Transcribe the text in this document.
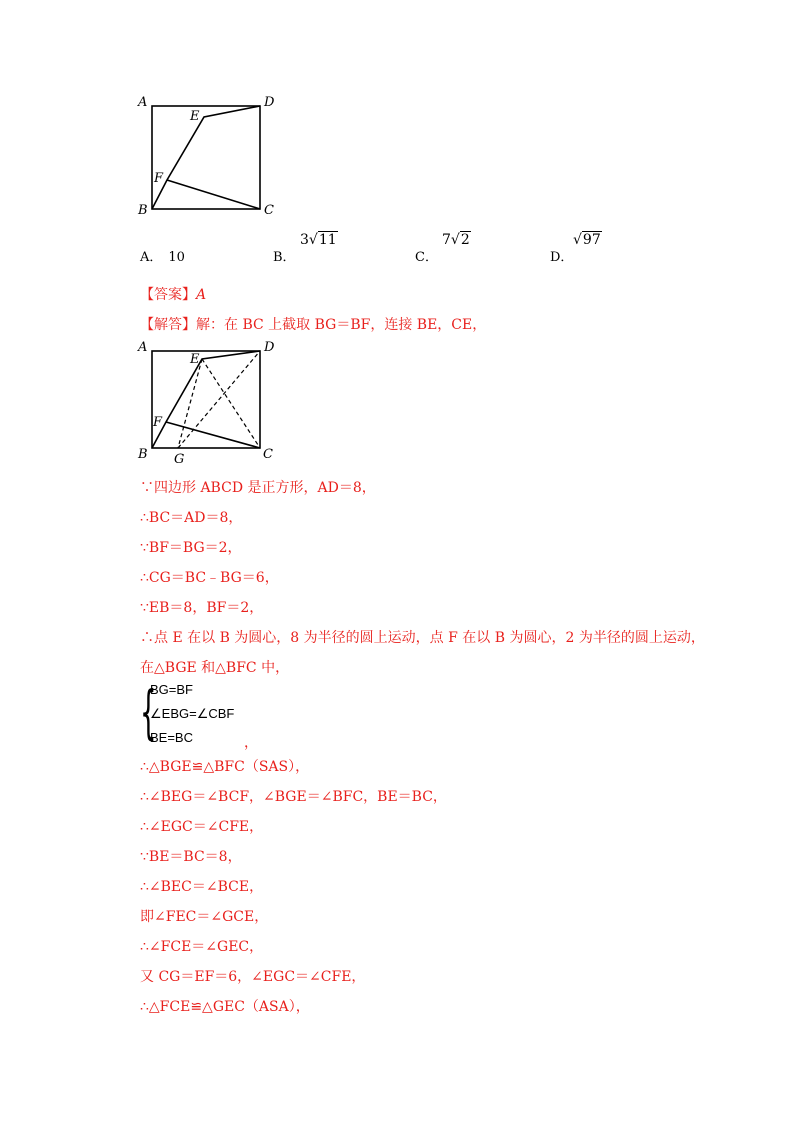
A	D
E
F
B	C
A． 10	B．
3√11
C．
7√2
D．
√97
【答案】A
【解答】解：在 BC 上截取 BG＝BF，连接 BE，CE，
A	D
E
F
B G	C
∵四边形 ABCD 是正方形，AD＝8，
∴BC＝AD＝8，
∵BF＝BG＝2，
∴CG＝BC﹣BG＝6，
∵EB＝8，BF＝2，
∴点 E 在以 B 为圆心，8 为半径的圆上运动，点 F 在以 B 为圆心，2 为半径的圆上运动，
在△BGE 和△BFC 中，
{
BG=BF
∠EBG=∠CBF
BE=BC	，
∴△BGE≌△BFC（SAS），
∴∠BEG＝∠BCF，∠BGE＝∠BFC，BE＝BC，
∴∠EGC＝∠CFE，
∵BE＝BC＝8，
∴∠BEC＝∠BCE，
即∠FEC＝∠GCE，
∴∠FCE＝∠GEC，
又 CG＝EF＝6，∠EGC＝∠CFE，
∴△FCE≌△GEC（ASA），
